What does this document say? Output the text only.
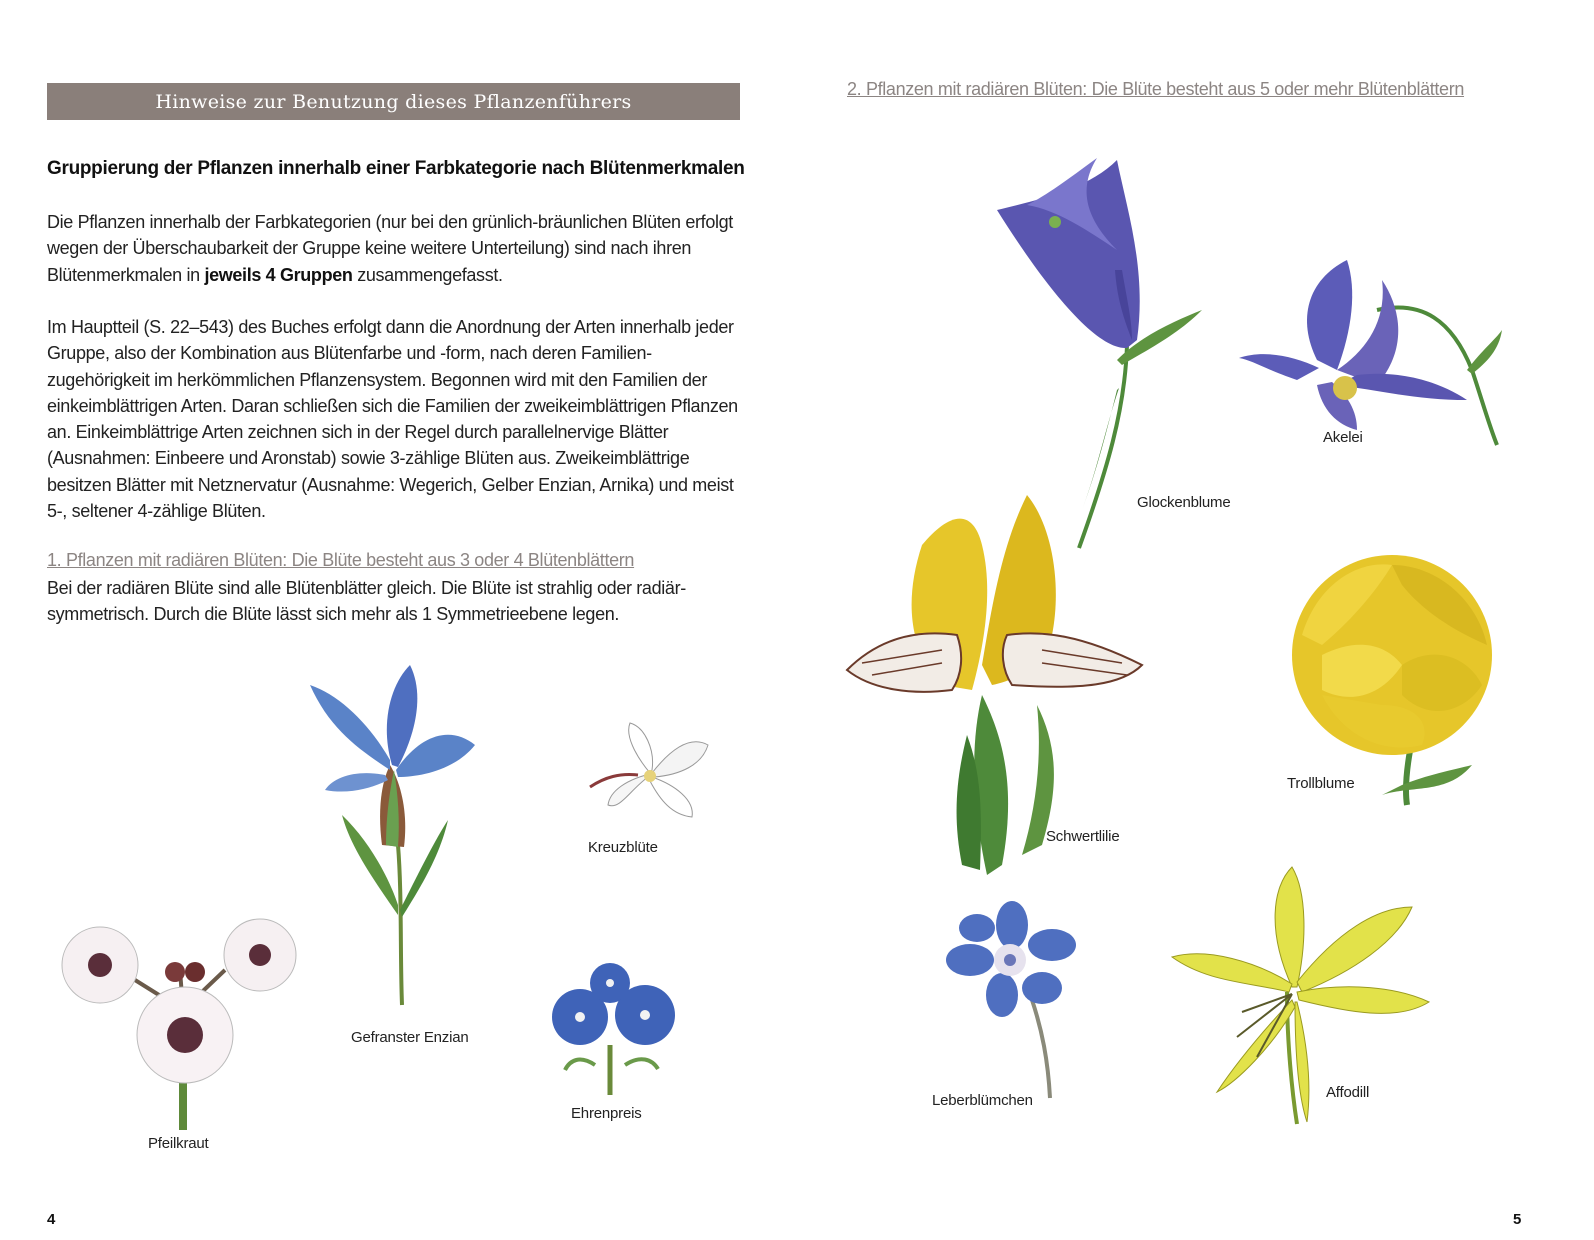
Hinweise zur Benutzung dieses Pflanzenführers
Gruppierung der Pflanzen innerhalb einer Farbkategorie nach Blütenmerkmalen
Die Pflanzen innerhalb der Farbkategorien (nur bei den grünlich-bräunlichen Blüten erfolgt wegen der Überschaubarkeit der Gruppe keine weitere Unterteilung) sind nach ihren Blütenmerkmalen in jeweils 4 Gruppen zusammengefasst.
Im Hauptteil (S. 22–543) des Buches erfolgt dann die Anordnung der Arten innerhalb jeder Gruppe, also der Kombination aus Blütenfarbe und -form, nach deren Familienzugehörigkeit im herkömmlichen Pflanzensystem. Begonnen wird mit den Familien der einkeimblättrigen Arten. Daran schließen sich die Familien der zweikeimblättrigen Pflanzen an. Einkeimblättrige Arten zeichnen sich in der Regel durch parallelnervige Blätter (Ausnahmen: Einbeere und Aronstab) sowie 3-zählige Blüten aus. Zweikeimblättrige besitzen Blätter mit Netznervatur (Ausnahme: Wegerich, Gelber Enzian, Arnika) und meist 5-, seltener 4-zählige Blüten.
1. Pflanzen mit radiären Blüten: Die Blüte besteht aus 3 oder 4 Blütenblättern
Bei der radiären Blüte sind alle Blütenblätter gleich. Die Blüte ist strahlig oder radiärsymmetrisch. Durch die Blüte lässt sich mehr als 1 Symmetrieebene legen.
Gefranster Enzian
Kreuzblüte
Pfeilkraut
Ehrenpreis
4
2. Pflanzen mit radiären Blüten: Die Blüte besteht aus 5 oder mehr Blütenblättern
Glockenblume
Akelei
Schwertlilie
Trollblume
Leberblümchen	Affodill
5
